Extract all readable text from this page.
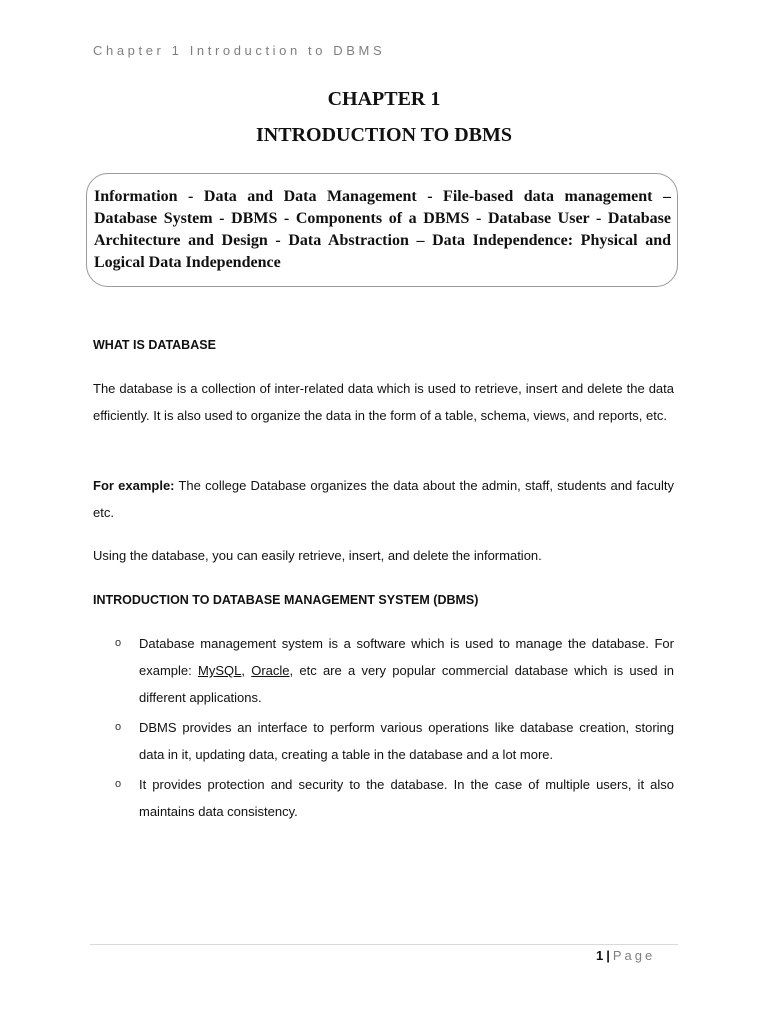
Chapter 1 Introduction to DBMS
CHAPTER 1
INTRODUCTION TO DBMS
Information - Data and Data Management - File-based data management – Database System - DBMS - Components of a DBMS - Database User - Database Architecture and Design - Data Abstraction – Data Independence: Physical and Logical Data Independence
WHAT IS DATABASE
The database is a collection of inter-related data which is used to retrieve, insert and delete the data efficiently. It is also used to organize the data in the form of a table, schema, views, and reports, etc.
For example: The college Database organizes the data about the admin, staff, students and faculty etc.
Using the database, you can easily retrieve, insert, and delete the information.
INTRODUCTION TO DATABASE MANAGEMENT SYSTEM (DBMS)
o Database management system is a software which is used to manage the database. For example: MySQL, Oracle, etc are a very popular commercial database which is used in different applications.
o DBMS provides an interface to perform various operations like database creation, storing data in it, updating data, creating a table in the database and a lot more.
o It provides protection and security to the database. In the case of multiple users, it also maintains data consistency.
1 | Page
